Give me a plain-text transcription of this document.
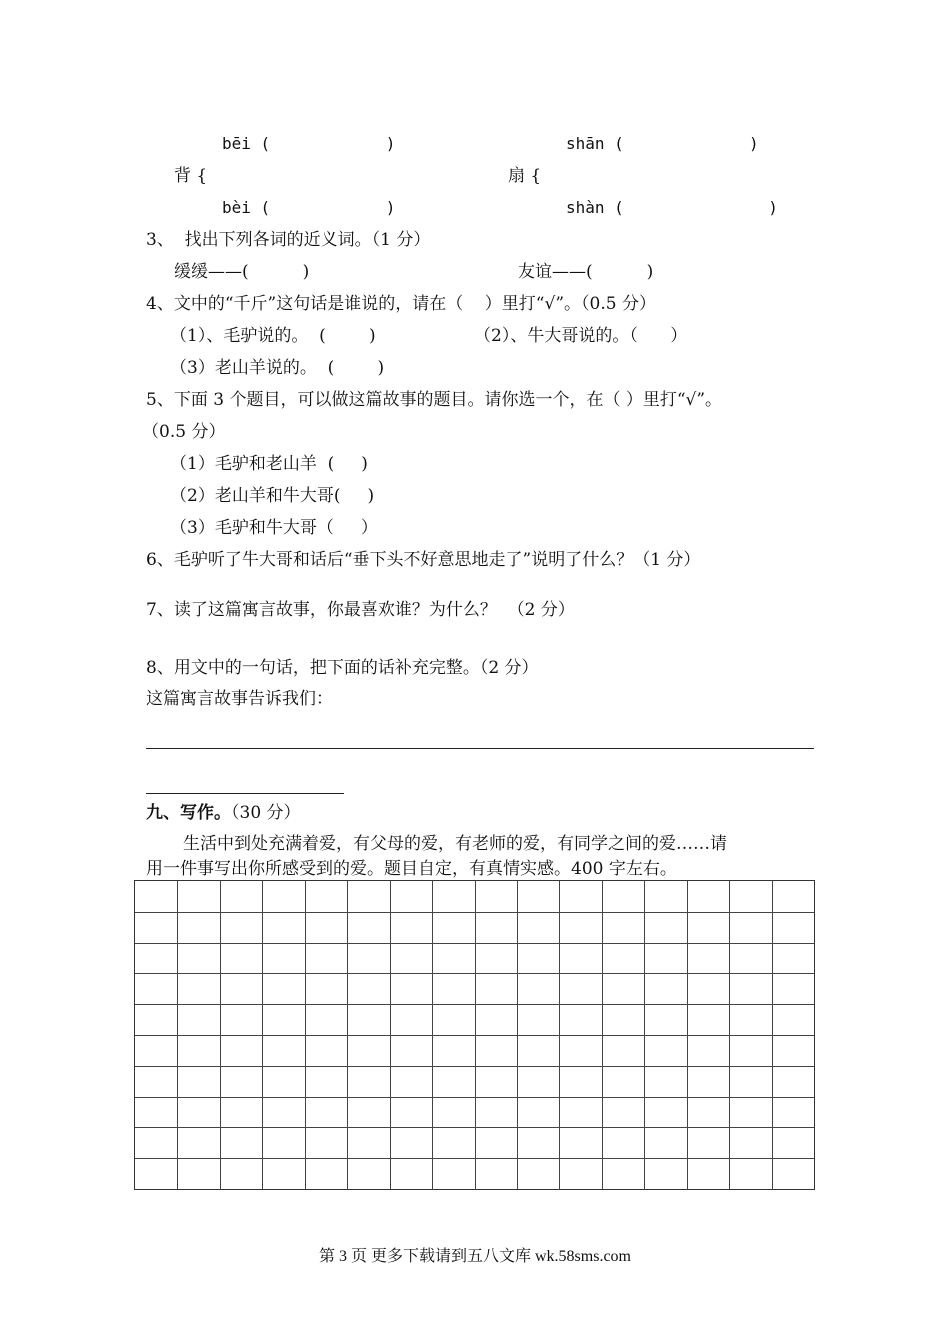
bēi (            )	shān (             )
背 {	扇 {
bèi (            )	shàn (               )
3、  找出下列各词的近义词。（1 分）
缓缓——(          )	友谊——(          )
4、文中的“千斤”这句话是谁说的，请在（    ）里打“√”。（0.5 分）
（1）、毛驴说的。  (        )	（2）、牛大哥说的。（      ）
（3）老山羊说的。  (        )
5、下面 3 个题目，可以做这篇故事的题目。请你选一个，在（ ）里打“√”。
（0.5 分）
（1）毛驴和老山羊  (     )
（2）老山羊和牛大哥(     )
（3）毛驴和牛大哥（     ）
6、毛驴听了牛大哥和话后“垂下头不好意思地走了”说明了什么？（1 分）
7、读了这篇寓言故事，你最喜欢谁？为什么？  （2 分）
8、用文中的一句话，把下面的话补充完整。（2 分）
这篇寓言故事告诉我们：
九、写作。（30 分）
生活中到处充满着爱，有父母的爱，有老师的爱，有同学之间的爱……请
用一件事写出你所感受到的爱。题目自定，有真情实感。400 字左右。
第 3 页 更多下载请到五八文库 wk.58sms.com
